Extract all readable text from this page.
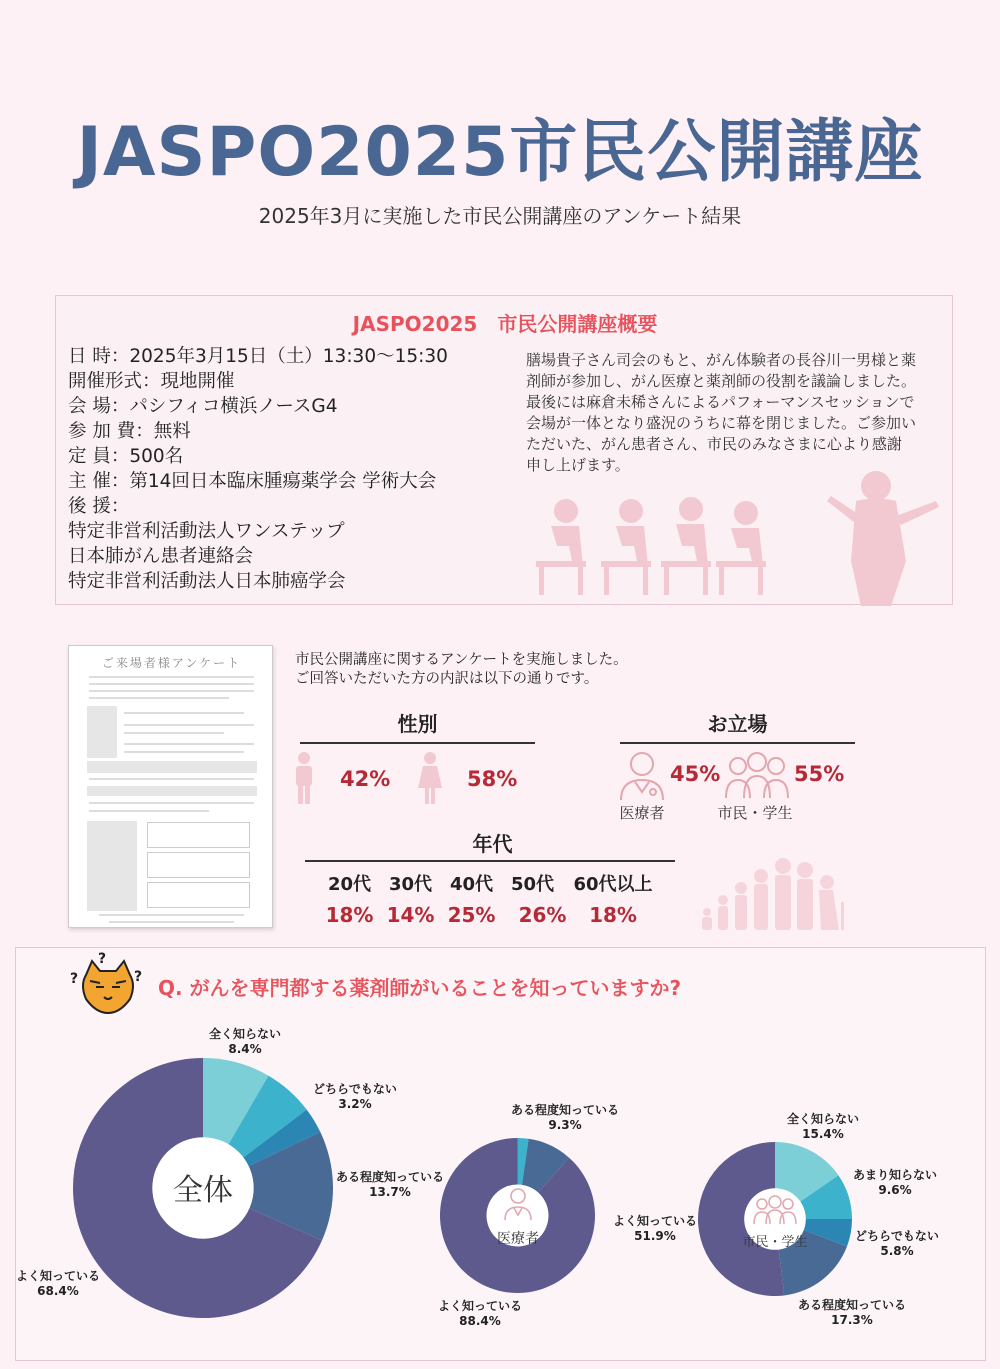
JASPO2025市民公開講座
2025年3月に実施した市民公開講座のアンケート結果
JASPO2025　市民公開講座概要
日 時：2025年3月15日（土）13:30～15:30
開催形式：現地開催
会 場：パシフィコ横浜ノースG4
参 加 費：無料
定 員：500名
主 催：第14回日本臨床腫瘍薬学会 学術大会
後 援：
特定非営利活動法人ワンステップ
日本肺がん患者連絡会
特定非営利活動法人日本肺癌学会
膳場貴子さん司会のもと、がん体験者の長谷川一男様と薬剤師が参加し、がん医療と薬剤師の役割を議論しました。最後には麻倉未稀さんによるパフォーマンスセッションで会場が一体となり盛況のうちに幕を閉じました。ご参加いただいた、がん患者さん、市民のみなさまに心より感謝申し上げます。
ご来場者様アンケート	市民公開講座に関するアンケートを実施しました。
ご回答いただいた方の内訳は以下の通りです。
性別
42%	58%
お立場
45%
医療者
55%
市民・学生
年代
20代 30代 40代 50代	60代以上
18% 14% 25% 26%	18%
?
?
? Q. がんを専門都する薬剤師がいることを知っていますか?
全体
全く知らない
8.4%
どちらでもない
3.2%
ある程度知っている
13.7%
よく知っている
68.4%
医療者
ある程度知っている
9.3%
よく知っている
88.4%
市民・学生
全く知らない
15.4%
あまり知らない
9.6%
どちらでもない
5.8%
ある程度知っている
17.3%
よく知っている
51.9%
